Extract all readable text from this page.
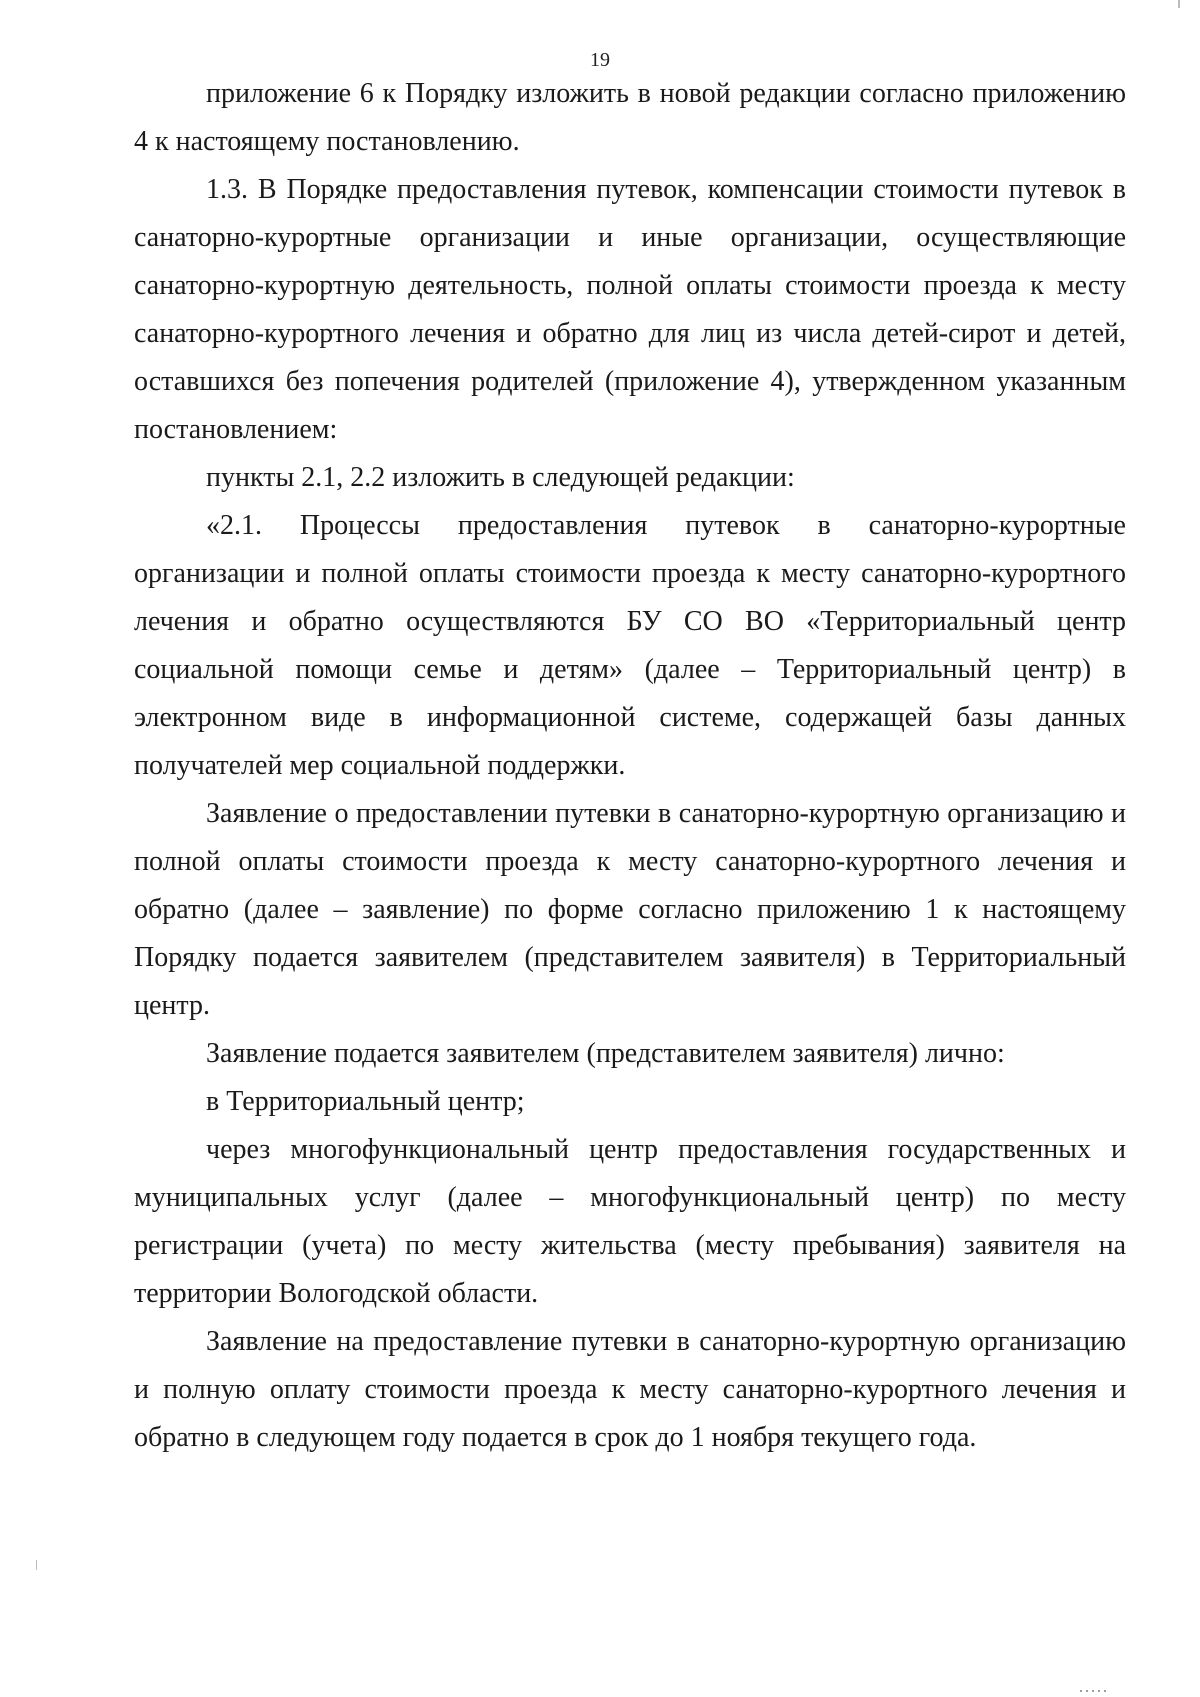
19

приложение 6 к Порядку изложить в новой редакции согласно приложению 4 к настоящему постановлению.

1.3. В Порядке предоставления путевок, компенсации стоимости путевок в санаторно-курортные организации и иные организации, осуществляющие санаторно-курортную деятельность, полной оплаты стоимости проезда к месту санаторно-курортного лечения и обратно для лиц из числа детей-сирот и детей, оставшихся без попечения родителей (приложение 4), утвержденном указанным постановлением:

пункты 2.1, 2.2 изложить в следующей редакции:

«2.1. Процессы предоставления путевок в санаторно-курортные организации и полной оплаты стоимости проезда к месту санаторно-курортного лечения и обратно осуществляются БУ СО ВО «Территориальный центр социальной помощи семье и детям» (далее – Территориальный центр) в электронном виде в информационной системе, содержащей базы данных получателей мер социальной поддержки.

Заявление о предоставлении путевки в санаторно-курортную организацию и полной оплаты стоимости проезда к месту санаторно-курортного лечения и обратно (далее – заявление) по форме согласно приложению 1 к настоящему Порядку подается заявителем (представителем заявителя) в Территориальный центр.

Заявление подается заявителем (представителем заявителя) лично:

в Территориальный центр;

через многофункциональный центр предоставления государственных и муниципальных услуг (далее – многофункциональный центр) по месту регистрации (учета) по месту жительства (месту пребывания) заявителя на территории Вологодской области.

Заявление на предоставление путевки в санаторно-курортную организацию и полную оплату стоимости проезда к месту санаторно-курортного лечения и обратно в следующем году подается в срок до 1 ноября текущего года.
